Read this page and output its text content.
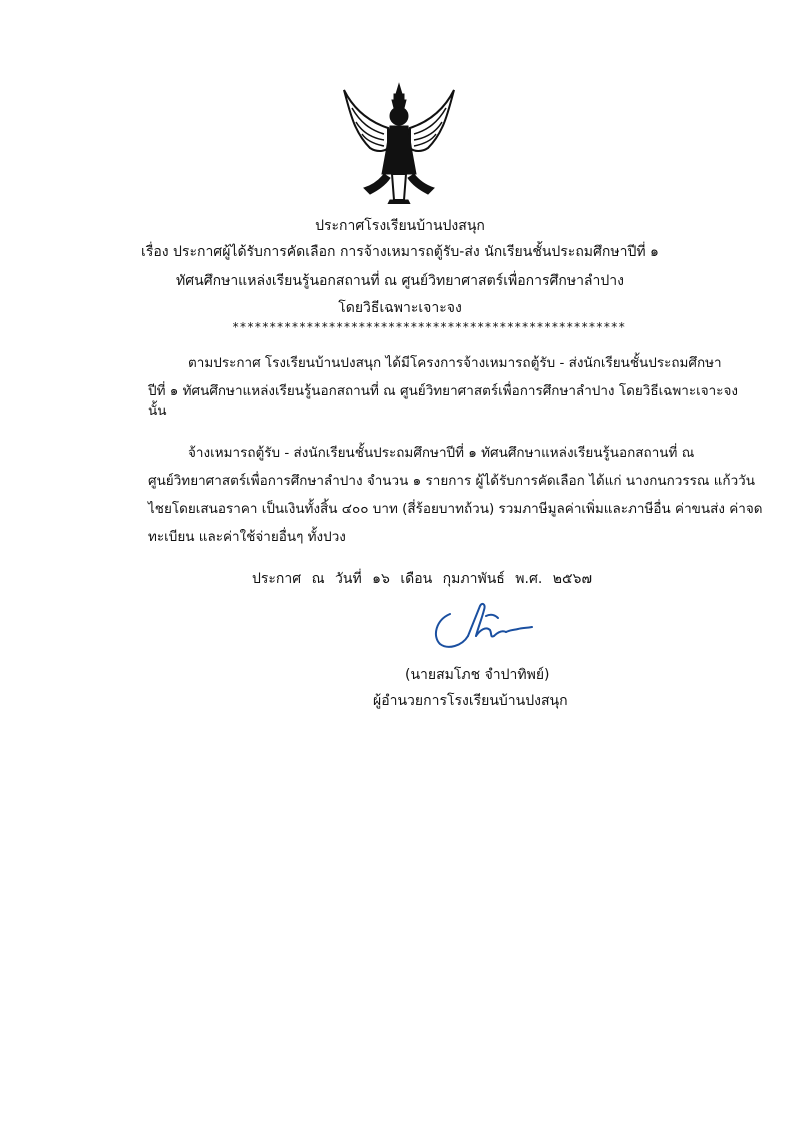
ประกาศโรงเรียนบ้านปงสนุก
เรื่อง ประกาศผู้ได้รับการคัดเลือก การจ้างเหมารถตู้รับ-ส่ง นักเรียนชั้นประถมศึกษาปีที่ ๑
ทัศนศึกษาแหล่งเรียนรู้นอกสถานที่ ณ ศูนย์วิทยาศาสตร์เพื่อการศึกษาลำปาง
โดยวิธีเฉพาะเจาะจง
*****************************************************
ตามประกาศ โรงเรียนบ้านปงสนุก ได้มีโครงการจ้างเหมารถตู้รับ - ส่งนักเรียนชั้นประถมศึกษา
ปีที่ ๑ ทัศนศึกษาแหล่งเรียนรู้นอกสถานที่ ณ ศูนย์วิทยาศาสตร์เพื่อการศึกษาลำปาง โดยวิธีเฉพาะเจาะจง
นั้น
จ้างเหมารถตู้รับ - ส่งนักเรียนชั้นประถมศึกษาปีที่ ๑ ทัศนศึกษาแหล่งเรียนรู้นอกสถานที่ ณ
ศูนย์วิทยาศาสตร์เพื่อการศึกษาลำปาง จำนวน ๑ รายการ ผู้ได้รับการคัดเลือก ได้แก่ นางกนกวรรณ แก้ววัน
ไชยโดยเสนอราคา เป็นเงินทั้งสิ้น ๔๐๐ บาท (สี่ร้อยบาทถ้วน) รวมภาษีมูลค่าเพิ่มและภาษีอื่น ค่าขนส่ง ค่าจด
ทะเบียน และค่าใช้จ่ายอื่นๆ ทั้งปวง
ประกาศ ณ วันที่ ๑๖ เดือน กุมภาพันธ์ พ.ศ. ๒๕๖๗
(นายสมโภช จำปาทิพย์)
ผู้อำนวยการโรงเรียนบ้านปงสนุก
